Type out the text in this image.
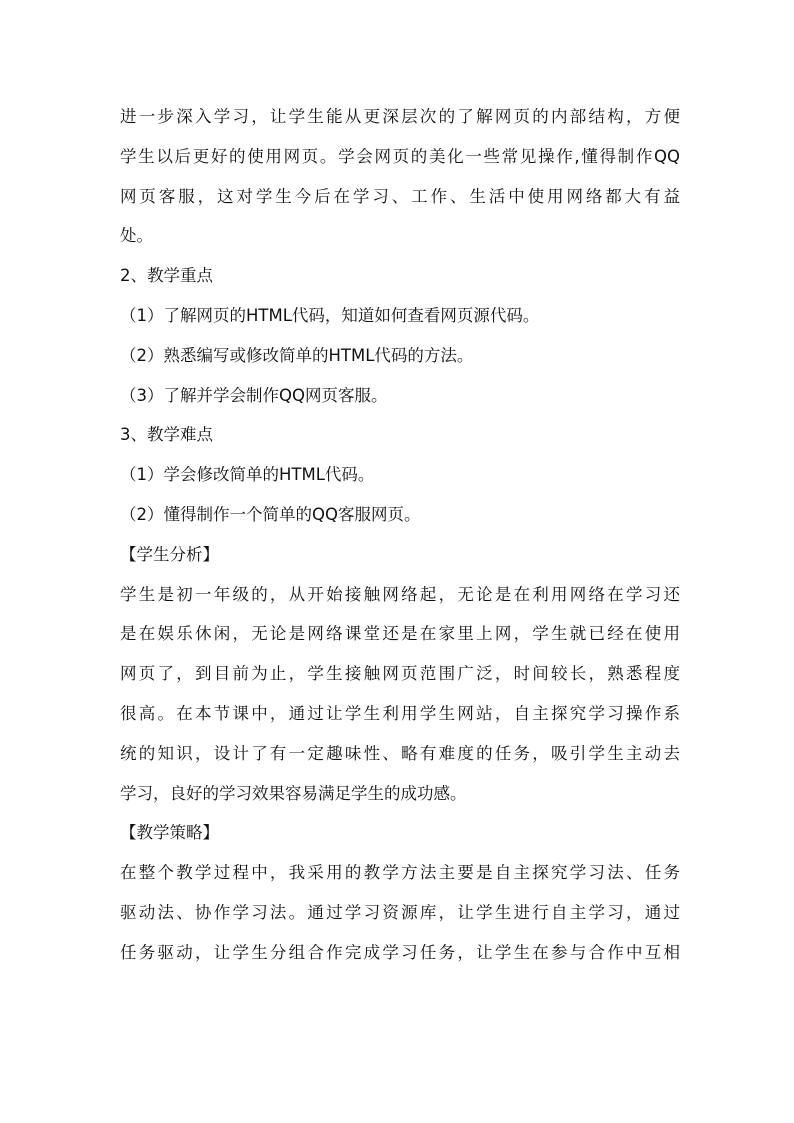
进一步深入学习，让学生能从更深层次的了解网页的内部结构，方便
学生以后更好的使用网页。学会网页的美化一些常见操作,懂得制作QQ
网页客服，这对学生今后在学习、工作、生活中使用网络都大有益
处。
2、教学重点
（1）了解网页的HTML代码，知道如何查看网页源代码。
（2）熟悉编写或修改简单的HTML代码的方法。
（3）了解并学会制作QQ网页客服。
3、教学难点
（1）学会修改简单的HTML代码。
（2）懂得制作一个简单的QQ客服网页。
【学生分析】
学生是初一年级的，从开始接触网络起，无论是在利用网络在学习还
是在娱乐休闲，无论是网络课堂还是在家里上网，学生就已经在使用
网页了，到目前为止，学生接触网页范围广泛，时间较长，熟悉程度
很高。在本节课中，通过让学生利用学生网站，自主探究学习操作系
统的知识，设计了有一定趣味性、略有难度的任务，吸引学生主动去
学习，良好的学习效果容易满足学生的成功感。
【教学策略】
在整个教学过程中，我采用的教学方法主要是自主探究学习法、任务
驱动法、协作学习法。通过学习资源库，让学生进行自主学习，通过
任务驱动，让学生分组合作完成学习任务，让学生在参与合作中互相
